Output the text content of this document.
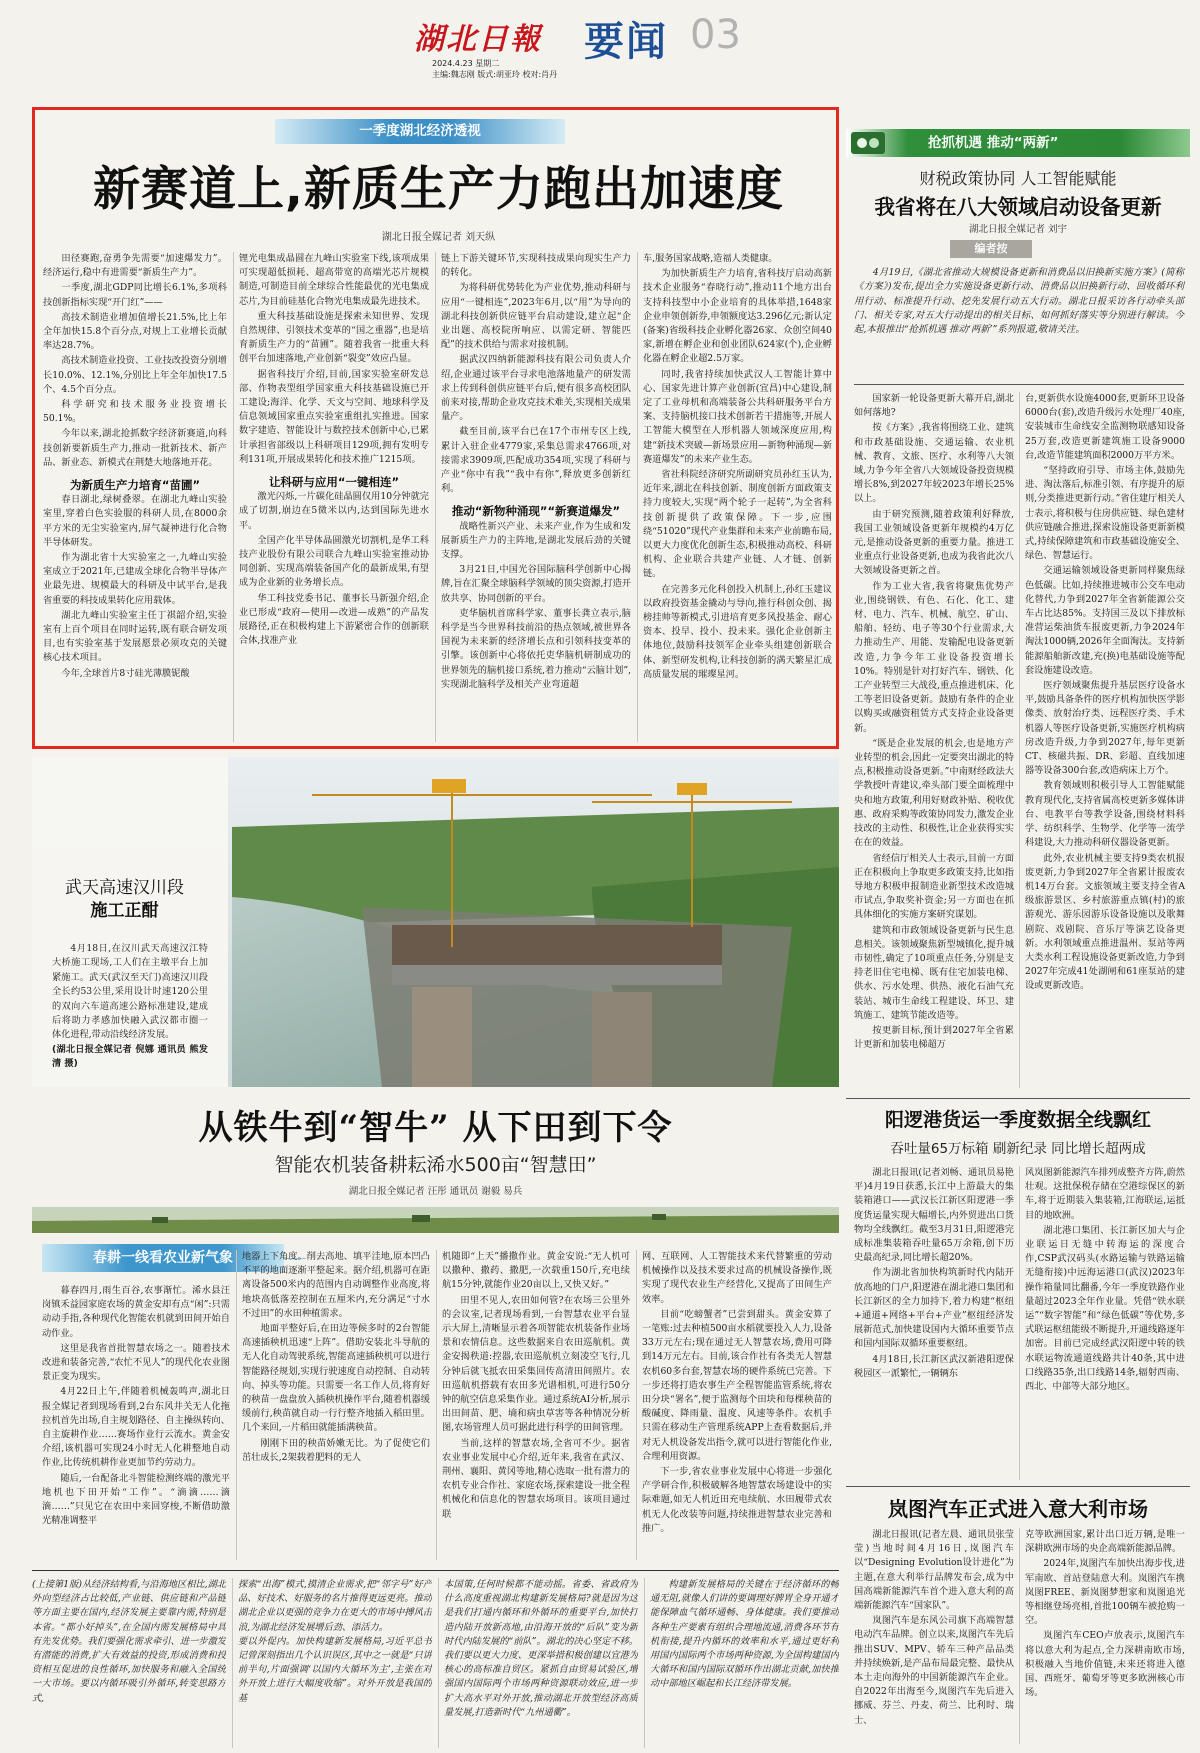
湖北日報
2024.4.23 星期二
主编:魏志刚 版式:胡亚玲 校对:肖丹
要闻 03
一季度湖北经济透视
新赛道上,新质生产力跑出加速度
湖北日报全媒记者 刘天纵

田径赛跑,奋勇争先需要“加速爆发力”。经济运行,稳中有进需要“新质生产力”。

一季度,湖北GDP同比增长6.1%,多项科技创新指标实现“开门红”——

高技术制造业增加值增长21.5%,比上年全年加快15.8个百分点,对规上工业增长贡献率达28.7%。

高技术制造业投资、工业技改投资分别增长10.0%、12.1%,分别比上年全年加快17.5个、4.5个百分点。

科学研究和技术服务业投资增长50.1%。

今年以来,湖北抢抓数字经济新赛道,向科技创新要新质生产力,推动一批新技术、新产品、新业态、新模式在荆楚大地落地开花。

为新质生产力培育“苗圃”

春日湖北,绿树叠翠。在湖北九峰山实验室里,穿着白色实验服的科研人员,在8000余平方米的无尘实验室内,屏气凝神进行化合物半导体研发。

作为湖北省十大实验室之一,九峰山实验室成立于2021年,已建成全球化合物半导体产业最先进、规模最大的科研及中试平台,是我省重要的科技成果转化应用载体。

湖北九峰山实验室主任丁祺韶介绍,实验室有上百个项目在同时运转,既有联合研发项目,也有实验室基于发展愿景必须攻克的关键核心技术项目。

今年,全球首片8寸硅光薄膜铌酸

锂光电集成晶圆在九峰山实验室下线,该项成果可实现超低损耗、超高带宽的高端光芯片规模制造,可制造目前全球综合性能最优的光电集成芯片,为目前硅基化合物光电集成最先进技术。

重大科技基础设施是探索未知世界、发现自然规律、引领技术变革的“国之重器”,也是培育新质生产力的“苗圃”。随着我省一批重大科创平台加速落地,产业创新“裂变”效应凸显。

据省科技厅介绍,目前,国家实验室研发总部、作物表型组学国家重大科技基础设施已开工建设;海洋、化学、天文与空间、地球科学及信息领域国家重点实验室重组扎实推进。国家数字建造、智能设计与数控技术创新中心,已累计承担省部级以上科研项目129项,拥有发明专利131项,开展成果转化和技术推广1215项。

让科研与应用“一键相连”

激光闪烁,一片碳化硅晶圆仅用10分钟就完成了切割,崩边在5微米以内,达到国际先进水平。

全国产化半导体晶圆激光切割机,是华工科技产业股份有限公司联合九峰山实验室推动协同创新、实现高端装备国产化的最新成果,有望成为企业新的业务增长点。

华工科技党委书记、董事长马新强介绍,企业已形成“政府—使用—改进—成熟”的产品发展路径,正在积极构建上下游紧密合作的创新联合体,找准产业

链上下游关键环节,实现科技成果向现实生产力的转化。

为将科研优势转化为产业优势,推动科研与应用“一键相连”,2023年6月,以“用”为导向的湖北科技创新供应链平台启动建设,建立起“企业出题、高校院所响应、以需定研、智能匹配”的技术供给与需求对接机制。

据武汉四纳新能源科技有限公司负责人介绍,企业通过该平台寻求电池落地量产的研发需求上传到科创供应链平台后,便有很多高校团队前来对接,帮助企业攻克技术难关,实现相关成果量产。

截至目前,该平台已在17个市州专区上线,累计入驻企业4779家,采集总需求4766项,对接需求3909项,匹配成功354项,实现了科研与产业“你中有我”“我中有你”,释放更多创新红利。

推动“新物种涌现”“新赛道爆发”

战略性新兴产业、未来产业,作为生成和发展新质生产力的主阵地,是湖北发展后劲的关键支撑。

3月21日,中国光谷国际脑科学创新中心揭牌,旨在汇聚全球脑科学领域的顶尖资源,打造开放共享、协同创新的平台。

吏华脑机首席科学家、董事长龚立表示,脑科学是当今世界科技前沿的热点领域,被世界各国视为未来新的经济增长点和引领科技变革的引擎。该创新中心将依托吏华脑机研制成功的世界领先的脑机接口系统,着力推动“云脑计划”,实现湖北脑科学及相关产业弯道超

车,服务国家战略,造福人类健康。

为加快新质生产力培育,省科技厅启动高新技术企业服务“春晓行动”,推动11个地方出台支持科技型中小企业培育的具体举措,1648家企业申领创新券,申领额度达3.296亿元;新认定(备案)省级科技企业孵化器26家、众创空间40家,新增在孵企业和创业团队624家(个),企业孵化器在孵企业超2.5万家。

同时,我省持续加快武汉人工智能计算中心、国家先进计算产业创新(宜昌)中心建设,制定了工业母机和高端装备公共科研服务平台方案、支持脑机接口技术创新若干措施等,开展人工智能大模型在人形机器人领域深度应用,构建“新技术突破—新场景应用—新物种涌现—新赛道爆发”的未来产业生态。

省社科院经济研究所副研究员孙红玉认为,近年来,湖北在科技创新、制度创新方面政策支持力度较大,实现“两个轮子一起转”,为全省科技创新提供了政策保障。下一步,应围绕“51020”现代产业集群和未来产业前瞻布局,以更大力度优化创新生态,积极推动高校、科研机构、企业联合共建产业链、人才链、创新链。

在完善多元化科创投入机制上,孙红玉建议以政府投资基金撬动与导向,推行科创众创、揭榜挂帅等新模式,引进培育更多风投基金、耐心资本、投早、投小、投未来。强化企业创新主体地位,鼓励科技领军企业牵头组建创新联合体、新型研发机构,让科技创新的满天繁星汇成高质量发展的璀璨星河。

抢抓机遇 推动“两新”
财税政策协同 人工智能赋能
我省将在八大领域启动设备更新
湖北日报全媒记者 刘宇
编者按

4月19日,《湖北省推动大规模设备更新和消费品以旧换新实施方案》(简称《方案》)发布,提出全力实施设备更新行动、消费品以旧换新行动、回收循环利用行动、标准提升行动、挖先发展行动五大行动。湖北日报采访各行动牵头部门、相关专家,对五大行动提出的相关目标、如何抓好落实等分别进行解读。今起,本报推出“抢抓机遇 推动‘两新’”系列报道,敬请关注。

国家新一轮设备更新大幕开启,湖北如何落地?

按《方案》,我省将围绕工业、建筑和市政基础设施、交通运输、农业机械、教育、文旅、医疗、水利等八大领域,力争今年全省八大领域设备投资规模增长8%,到2027年较2023年增长25%以上。

由于研究预测,随着政策利好释放,我国工业领域设备更新年规模约4万亿元,是推动设备更新的重要力量。推进工业重点行业设备更新,也成为我省此次八大领域设备更新之首。

作为工业大省,我省将聚焦优势产业,围绕钢铁、有色、石化、化工、建材、电力、汽车、机械、航空、矿山、船舶、轻纺、电子等30个行业需求,大力推动生产、用能、发输配电设备更新改造,力争今年工业设备投资增长10%。特别是针对打好汽车、钢铁、化工产业转型三大战役,重点推进机床、化工等老旧设备更新。鼓励有条件的企业以购买或融资租赁方式支持企业设备更新。

“既是企业发展的机会,也是地方产业转型的机会,因此一定要突出湖北的特点,积极推动设备更新。”中南财经政法大学教授叶青建议,牵头部门要全面梳理中央和地方政策,利用好财政补贴、税收优惠、政府采购等政策协同发力,激发企业技改的主动性、积极性,让企业获得实实在在的效益。

省经信厅相关人士表示,目前一方面正在积极向上争取更多政策支持,比如指导地方积极申报制造业新型技术改造城市试点,争取奖补资金;另一方面也在抓具体细化的实施方案研究谋划。

建筑和市政领域设备更新与民生息息相关。该领域聚焦新型城镇化,提升城市韧性,确定了10项重点任务,分别是支持老旧住宅电梯、既有住宅加装电梯、供水、污水处理、供热、液化石油气充装站、城市生命线工程建设、环卫、建筑施工、建筑节能改造等。

按更新目标,预计到2027年全省累计更新和加装电梯超万

台,更新供水设施4000套,更新环卫设备6000台(套),改造升级污水处理厂40座,安装城市生命线安全监测物联感知设备25万套,改造更新建筑施工设备9000台,改造节能建筑面积2000万平方米。

“坚持政府引导、市场主体,鼓励先进、淘汰落后,标准引领、有序提升的原则,分类推进更新行动。”省住建厅相关人士表示,将积极与住房供应链、绿色建材供应链融合推进,探索设施设备更新新模式,持续保障建筑和市政基础设施安全、绿色、智慧运行。

交通运输领域设备更新同样聚焦绿色低碳。比如,持续推进城市公交车电动化替代,力争到2027年全省新能源公交车占比达85%。支持国三及以下排放标准营运柴油货车报废更新,力争2024年淘汰1000辆,2026年全面淘汰。支持新能源船舶新改建,充(换)电基础设施等配套设施建设改造。

医疗领域聚焦提升基层医疗设备水平,鼓励具备条件的医疗机构加快医学影像类、放射治疗类、远程医疗类、手术机器人等医疗设备更新,实施医疗机构病房改造升级,力争到2027年,每年更新CT、核磁共振、DR、彩超、直线加速器等设备300台套,改造病床上万个。

教育领域则积极引导人工智能赋能教育现代化,支持省属高校更新多媒体讲台、电教平台等教学设备,围绕材料科学、纺织科学、生物学、化学等一流学科建设,大力推动科研仪器设备更新。

此外,农业机械主要支持9类农机报废更新,力争到2027年全省累计报废农机14万台套。文旅领域主要支持全省A级旅游景区、乡村旅游重点镇(村)的旅游观光、游乐园游乐设备设施以及歌舞剧院、戏剧院、音乐厅等演艺设备更新。水利领域重点推进温州、泵站等两大类水利工程设施设备更新改造,力争到2027年完成41处湖闸和61座泵站的建设或更新改造。

武天高速汉川段
施工正酣

4月18日,在汉川武天高速汉江特大桥施工现场,工人们在主墩平台上加紧施工。武天(武汉至天门)高速汉川段全长约53公里,采用设计时速120公里的双向六车道高速公路标准建设,建成后将助力孝感加快融入武汉都市圈一体化进程,带动沿线经济发展。

(湖北日报全媒记者 倪娜 通讯员 熊发清 摄)

从铁牛到“智牛” 从下田到下令
智能农机装备耕耘浠水500亩“智慧田”
湖北日报全媒记者 汪彤 通讯员 谢毅 易兵
春耕一线看农业新气象

暮春四月,雨生百谷,农事渐忙。浠水县汪岗镇禾益园家庭农场的黄金安却有点“闲”:只需动动手指,各种现代化智能农机就到田间开始自动作业。

这里是我省首批智慧农场之一。随着技术改进和装备完善,“农忙不见人”的现代化农业图景正变为现实。

4月22日上午,伴随着机械轰鸣声,湖北日报全媒记者到现场看到,2台东风井关无人化拖拉机首先出场,自主规划路径、自主操纵转向、自主旋耕作业……赛场作业行云流水。黄金安介绍,该机器可实现24小时无人化耕整地自动作业,比传统机耕作业更加节约劳动力。

随后,一台配备北斗智能检测终端的激光平地机也下田开始“工作”。“滴滴……滴滴……”只见它在农田中来回穿梭,不断借助激光精准调整平

地器上下角度。削去高地、填平洼地,原本凹凸不平的地面逐渐平整起来。据介绍,机器可在距离设备500米内的范围内自动调整作业高度,将地块高低落差控制在五厘米内,充分满足“寸水不过田”的水田种植需求。

地面平整好后,在田边等候多时的2台智能高速插秧机迅速“上阵”。借助安装北斗导航的无人化自动驾驶系统,智能高速插秧机可以进行智能路径规划,实现行驶速度自动控制、自动转向、掉头等功能。只需要一名工作人员,将育好的秧苗一盘盘放入插秧机操作平台,随着机器缓缓前行,秧苗就自动一行行整齐地插入稻田里。几个来回,一片稻田就能插满秧苗。

刚刚下田的秧苗娇嫩无比。为了促使它们茁壮成长,2架载着肥料的无人

机随即“上天”播撒作业。黄金安说:“无人机可以撒种、撒药、撒肥,一次载重150斤,充电续航15分钟,就能作业20亩以上,又快又好。”

田里不见人,农田如何管?在农场三公里外的会议室,记者现场看到,一台智慧农业平台显示大屏上,清晰显示着各项智能农机装备作业场景和农情信息。这些数据来自农田巡航机。黄金安揭秩道:控器,农田巡航机立刻凌空飞行,几分钟后就飞抵农田采集回传高清田间照片。农田巡航机搭载有农田多光谱相机,可进行50分钟的航空信息采集作业。通过系统AI分析,展示出田间苗、肥、墒和病虫草害等各种情况分析图,农场管理人员可据此进行科学的田间管理。

当前,这样的智慧农场,全省可不少。据省农业事业发展中心介绍,近年来,我省在武汉、荆州、襄阳、黄冈等地,精心选取一批有潜力的农机专业合作社、家庭农场,探索建设一批全程机械化和信息化的智慧农场项目。该项目通过联

网、互联网、人工智能技术来代替繁重的劳动机械操作以及技术要求过高的机械设备操作,既实现了现代农业生产经营化,又提高了田间生产效率。

目前“吃螃蟹者”已尝到甜头。黄金安算了一笔账:过去种植500亩水稻就要投入人力,设备33万元左右;现在通过无人智慧农场,费用可降到14万元左右。目前,该合作社有各类无人智慧农机60多台套,智慧农场的硬件系统已完善。下一步还将打造农事生产全程智能监管系统,将农田分块“署名”,便于监测每个田块和每棵秧苗的酸碱度、降雨量、温度、风速等条件。农机手只需在移动生产管理系统APP上查看数据后,并对无人机设备发出指令,就可以进行智能化作业,合理利用资源。

下一步,省农业事业发展中心将进一步强化产学研合作,积极破解各地智慧农场建设中的实际难题,如无人机近田充电续航、水田履带式农机无人化改装等问题,持续推进智慧农业完善和推广。

阳逻港货运一季度数据全线飘红
吞吐量65万标箱 刷新纪录 同比增长超两成

湖北日报讯(记者刘畅、通讯员易艳平)4月19日获悉,长江中上游最大的集装箱港口——武汉长江新区阳逻港一季度货运量实现大幅增长,内外贸进出口货物均全线飘红。截至3月31日,阳逻港完成标准集装箱吞吐量65万余箱,创下历史最高纪录,同比增长超20%。

作为湖北省加快构筑新时代内陆开放高地的门户,阳逻港在湖北港口集团和长江新区的全力加持下,着力构建“枢纽+通道+网络+平台+产业”枢纽经济发展新范式,加快建设国内大循环重要节点和国内国际双循环重要枢纽。

4月18日,长江新区武汉新港阳逻保税园区一派繁忙,一辆辆东

风岚图新能源汽车排列成整齐方阵,蔚然壮观。这批保税存储在空港综保区的新车,将于近期装入集装箱,江海联运,运抵目的地欧洲。

湖北港口集团、长江新区加大与企业联运日无缝中转海运的深度合作,CSP武汉码头(水路运输与铁路运输无缝衔接)中远海运港口(武汉)2023年操作箱量同比翻番,今年一季度铁路作业量超过2023全年作业量。凭借“铁水联运”“数字智能”和“绿色低碳”等优势,多式联运枢纽能级不断提升,开通线路逐年加密。目前已完成经武汉阳逻中转的铁水联运物流通道线路共计40条,其中进口线路35条,出口线路14条,辐射西南、西北、中部等大部分地区。

岚图汽车正式进入意大利市场

湖北日报讯(记者左晨、通讯员张莹莹)当地时间4月16日,岚图汽车以“Designing Evolution设计进化”为主题,在意大利举行品牌发布会,成为中国高端新能源汽车首个进入意大利的高端新能源汽车“国家队”。

岚图汽车是东风公司旗下高端智慧电动汽车品牌。创立以来,岚图汽车先后推出SUV、MPV、轿车三种产品品类并持续焕新,是产品布局最完整、最快从本土走向海外的中国新能源汽车企业。自2022年出海至今,岚图汽车先后进入挪威、芬兰、丹麦、荷兰、比利时、瑞士、

克等欧洲国家,累计出口近万辆,是唯一深耕欧洲市场的央企高端新能源品牌。

2024年,岚图汽车加快出海步伐,进军南欧、首站登陆意大利。岚图汽车携岚图FREE、新岚图梦想家和岚图追光等相继登场亮相,首批100辆车被抢购一空。

岚图汽车CEO卢放表示,岚图汽车将以意大利为起点,全力深耕南欧市场,积极融入当地价值链,未来还将进入德国、西班牙、葡萄牙等更多欧洲核心市场。

(上接第1版)从经济结构看,与沿海地区相比,湖北外向型经济占比较低,产业链、供应链和产品链等方面主要在国内,经济发展主要靠内需,特别是本省。“都小好掉头”,在全国内需发展格局中具有先发优势。我们要强化需求牵引、进一步激发有潜能的消费,扩大有效益的投资,形成消费和投资相互促进的良性循环,加快服务和融入全国统一大市场。要以内循环吸引外循环,转变思路方式,

探索“出海”模式,摸清企业需求,把“邻字号”好产品、好技术、好服务的名片推得更远更亮。推动湖北企业以更强的竞争力在更大的市场中搏风击浪,为湖北经济发展增后劲、添活力。
要以外促内。加快构建新发展格局,习近平总书记曾深刻指出几个认识误区,其中之一就是“只讲前半句,片面强调‘以国内大循环为主’,主张在对外开放上进行大幅度收缩”。对外开放是我国的基

本国策,任何时候都不能动摇。省委、省政府为什么高度重视湖北构建新发展格局?就是因为这是我们打通内循环和外循环的重要平台,加快打造内陆开放新高地,由沿海开放的“后队”变为新时代内陆发展的“前队”。湖北的决心坚定不移。我们要以更大力度、更深举措积极创建以宜港为核心的高标准自贸区。紧抓自由贸易试验区,增强国内国际两个市场两种资源联动效应,进一步扩大高水平对外开放,推动湖北开放型经济高质量发展,打造新时代“九州通衢”。

构建新发展格局的关键在于经济循环的畅通无阻,就像人们讲的要调理好脾胃全身开通才能保障血气循环通畅、身体健康。我们要推动各种生产要素有组织合理地流通,消费各环节有机衔接,提升内循环的效率和水平,通过更好利用国内国际两个市场两种资源,为全国构建国内大循环和国内国际双循环作出湖北贡献,加快推动中部地区崛起和长江经济带发展。
